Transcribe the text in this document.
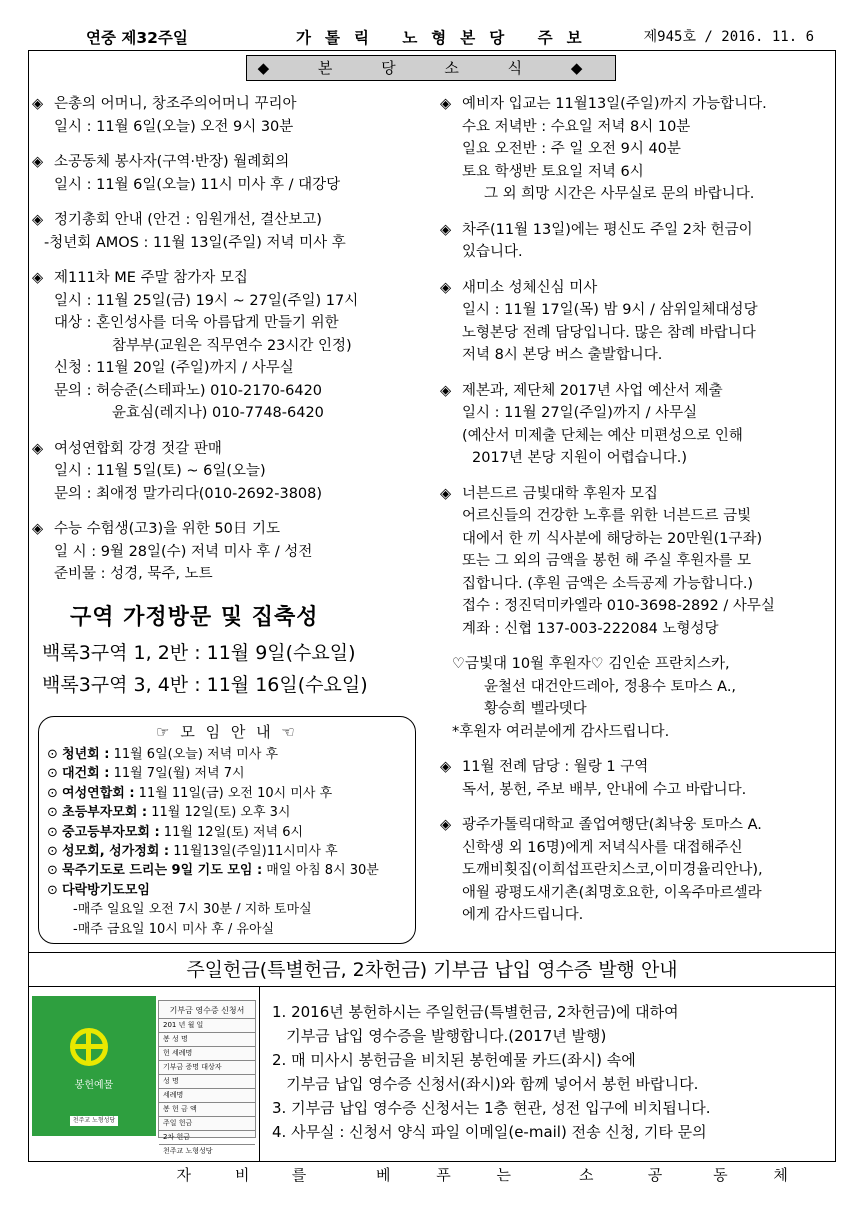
연중 제32주일	가톨릭 노형본당 주보	제945호 / 2016. 11. 6
◆ 본 당 소 식 ◆
◈ 은총의 어머니, 창조주의어머니 꾸리아
일시 : 11월 6일(오늘) 오전 9시 30분
◈ 소공동체 봉사자(구역·반장) 월례회의
일시 : 11월 6일(오늘) 11시 미사 후 / 대강당
◈ 정기총회 안내 (안건 : 임원개선, 결산보고)
-청년회 AMOS : 11월 13일(주일) 저녁 미사 후
◈ 제111차 ME 주말 참가자 모집
일시 : 11월 25일(금) 19시 ~ 27일(주일) 17시
대상 : 혼인성사를 더욱 아름답게 만들기 위한
참부부(교원은 직무연수 23시간 인정)
신청 : 11월 20일 (주일)까지 / 사무실
문의 : 허승준(스테파노) 010-2170-6420
윤효심(레지나) 010-7748-6420
◈ 여성연합회 강경 젓갈 판매
일시 : 11월 5일(토) ~ 6일(오늘)
문의 : 최애정 말가리다(010-2692-3808)
◈ 수능 수험생(고3)을 위한 50日 기도
일 시 : 9월 28일(수) 저녁 미사 후 / 성전
준비물 : 성경, 묵주, 노트
구역 가정방문 및 집축성
백록3구역 1, 2반 : 11월 9일(수요일)
백록3구역 3, 4반 : 11월 16일(수요일)
◈ 예비자 입교는 11월13일(주일)까지 가능합니다.
수요 저녁반 : 수요일 저녁 8시 10분
일요 오전반 : 주 일 오전 9시 40분
토요 학생반 토요일 저녁 6시
그 외 희망 시간은 사무실로 문의 바랍니다.
◈ 차주(11월 13일)에는 평신도 주일 2차 헌금이
있습니다.
◈ 새미소 성체신심 미사
일시 : 11월 17일(목) 밤 9시 / 삼위일체대성당
노형본당 전례 담당입니다. 많은 참례 바랍니다
저녁 8시 본당 버스 출발합니다.
◈ 제본과, 제단체 2017년 사업 예산서 제출
일시 : 11월 27일(주일)까지 / 사무실
(예산서 미제출 단체는 예산 미편성으로 인해
2017년 본당 지원이 어렵습니다.)
◈ 너븐드르 금빛대학 후원자 모집
어르신들의 건강한 노후를 위한 너븐드르 금빛
대에서 한 끼 식사분에 해당하는 20만원(1구좌)
또는 그 외의 금액을 봉헌 해 주실 후원자를 모
집합니다. (후원 금액은 소득공제 가능합니다.)
접수 : 정진덕미카엘라 010-3698-2892 / 사무실
계좌 : 신협 137-003-222084 노형성당
♡금빛대 10월 후원자♡ 김인순 프란치스카,
윤철선 대건안드레아, 정용수 토마스 A.,
황승희 벨라뎃다
*후원자 여러분에게 감사드립니다.
◈ 11월 전례 담당 : 월랑 1 구역
독서, 봉헌, 주보 배부, 안내에 수고 바랍니다.
◈ 광주가톨릭대학교 졸업여행단(최낙웅 토마스 A.
신학생 외 16명)에게 저녁식사를 대접해주신
도깨비횟집(이희섭프란치스코,이미경율리안나),
애월 광평도새기촌(최명호요한, 이옥주마르셀라
에게 감사드립니다.
☞ 모 임 안 내 ☜
⊙ 청년회 : 11월 6일(오늘) 저녁 미사 후
⊙ 대건회 : 11월 7일(월) 저녁 7시
⊙ 여성연합회 : 11월 11일(금) 오전 10시 미사 후
⊙ 초등부자모회 : 11월 12일(토) 오후 3시
⊙ 중고등부자모회 : 11월 12일(토) 저녁 6시
⊙ 성모회, 성가정회 : 11월13일(주일)11시미사 후
⊙ 묵주기도로 드리는 9일 기도 모임 : 매일 아침 8시 30분
⊙ 다락방기도모임
-매주 일요일 오전 7시 30분 / 지하 토마실
-매주 금요일 10시 미사 후 / 유아실
주일헌금(특별헌금, 2차헌금) 기부금 납입 영수증 발행 안내
봉헌예물
천주교 노형성당
기부금 영수증 신청서
201 년 월 일
봉 성 명
헌 세례명
기부금 증명 대상자
성 명
세례명
봉 헌 금 액
주일 헌금
2차 헌금
천주교 노형성당
1. 2016년 봉헌하시는 주일헌금(특별헌금, 2차헌금)에 대하여
기부금 납입 영수증을 발행합니다.(2017년 발행)
2. 매 미사시 봉헌금을 비치된 봉헌예물 카드(좌시) 속에
기부금 납입 영수증 신청서(좌시)와 함께 넣어서 봉헌 바랍니다.
3. 기부금 납입 영수증 신청서는 1층 현관, 성전 입구에 비치됩니다.
4. 사무실 : 신청서 양식 파일 이메일(e-mail) 전송 신청, 기타 문의
자	비	를	베	푸	는	소	공	동	체
